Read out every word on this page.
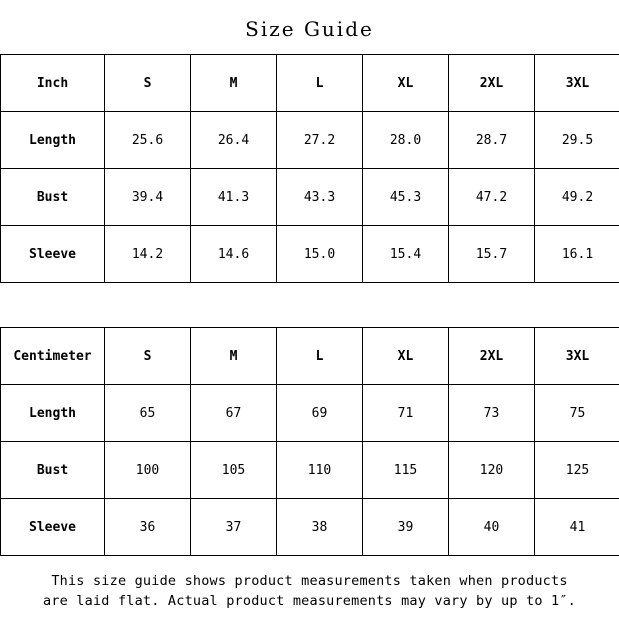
Size Guide
Inch	S	M	L	XL	2XL	3XL
Length	25.6	26.4	27.2	28.0	28.7	29.5
Bust	39.4	41.3	43.3	45.3	47.2	49.2
Sleeve	14.2	14.6	15.0	15.4	15.7	16.1
Centimeter	S	M	L	XL	2XL	3XL
Length	65	67	69	71	73	75
Bust	100	105	110	115	120	125
Sleeve	36	37	38	39	40	41
This size guide shows product measurements taken when products
are laid flat. Actual product measurements may vary by up to 1″.
